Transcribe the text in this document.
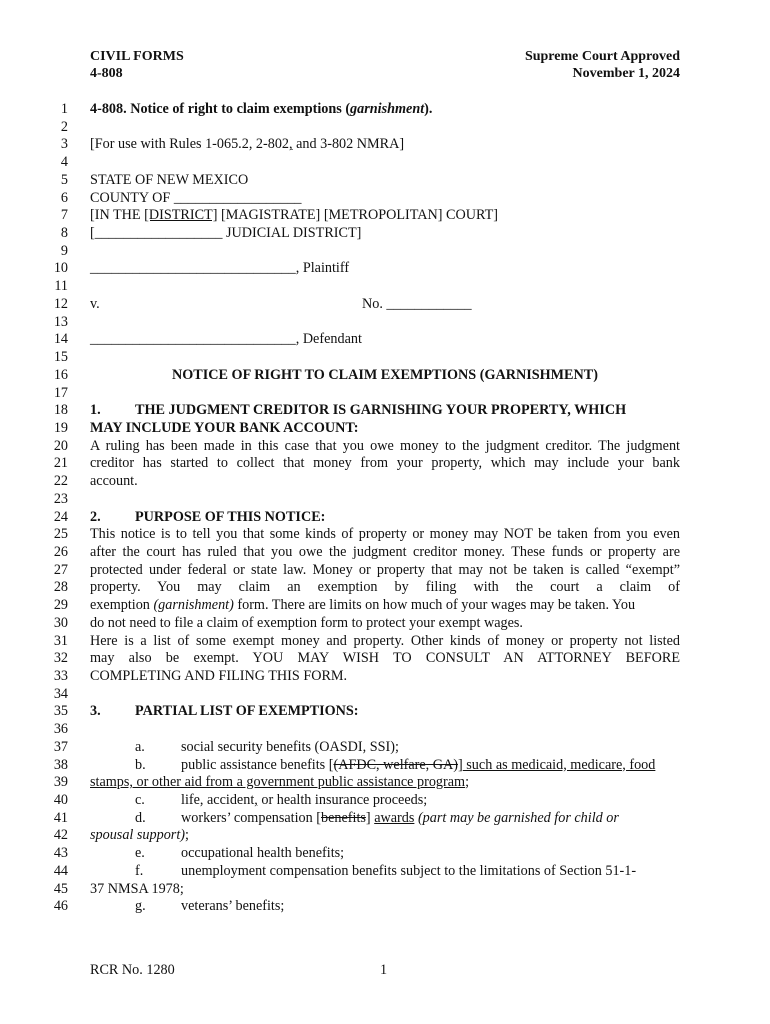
CIVIL FORMS
4-808
Supreme Court Approved
November 1, 2024
1 4-808. Notice of right to claim exemptions (garnishment).
2
3 [For use with Rules 1-065.2, 2-802, and 3-802 NMRA]
4
5 STATE OF NEW MEXICO
6 COUNTY OF __________________
7 [IN THE [DISTRICT] [MAGISTRATE] [METROPOLITAN] COURT]
8 [__________________ JUDICIAL DISTRICT]
9
10 _____________________________, Plaintiff
11
12 v.	No. ____________
13
14 _____________________________, Defendant
15
16	NOTICE OF RIGHT TO CLAIM EXEMPTIONS (GARNISHMENT)
17
18 1. THE JUDGMENT CREDITOR IS GARNISHING YOUR PROPERTY, WHICH
19 MAY INCLUDE YOUR BANK ACCOUNT:
20 A ruling has been made in this case that you owe money to the judgment creditor. The judgment
21 creditor has started to collect that money from your property, which may include your bank
22 account.
23
24 2. PURPOSE OF THIS NOTICE:
25 This notice is to tell you that some kinds of property or money may NOT be taken from you even
26 after the court has ruled that you owe the judgment creditor money. These funds or property are
27 protected under federal or state law. Money or property that may not be taken is called “exempt”
28 property. You may claim an exemption by filing with the court a claim of
29 exemption (garnishment) form. There are limits on how much of your wages may be taken. You
30 do not need to file a claim of exemption form to protect your exempt wages.
31 Here is a list of some exempt money and property. Other kinds of money or property not listed
32 may also be exempt. YOU MAY WISH TO CONSULT AN ATTORNEY BEFORE
33 COMPLETING AND FILING THIS FORM.
34
35 3. PARTIAL LIST OF EXEMPTIONS:
36
37	a.	social security benefits (OASDI, SSI);
38	b. public assistance benefits [(AFDC, welfare, GA)] such as medicaid, medicare, food
39 stamps, or other aid from a government public assistance program;
40	c.	life, accident, or health insurance proceeds;
41	d. workers’ compensation [benefits] awards (part may be garnished for child or
42 spousal support);
43	e.	occupational health benefits;
44	f.	unemployment compensation benefits subject to the limitations of Section 51-1-
45 37 NMSA 1978;
46	g. veterans’ benefits;
RCR No. 1280	1
